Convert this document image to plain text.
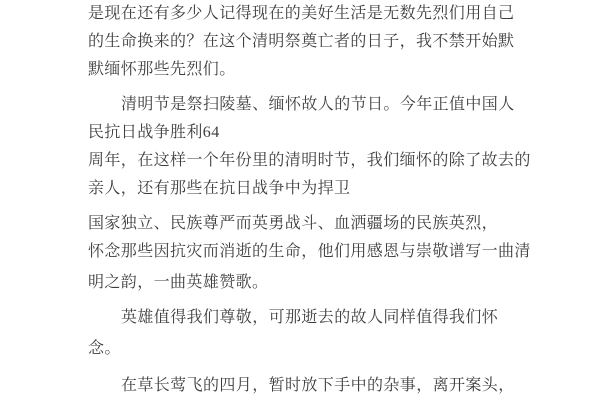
是现在还有多少人记得现在的美好生活是无数先烈们用自己
的生命换来的？在这个清明祭奠亡者的日子，我不禁开始默
默缅怀那些先烈们。
清明节是祭扫陵墓、缅怀故人的节日。今年正值中国人
民抗日战争胜利64
周年，在这样一个年份里的清明时节，我们缅怀的除了故去的
亲人，还有那些在抗日战争中为捍卫
国家独立、民族尊严而英勇战斗、血洒疆场的民族英烈，
怀念那些因抗灾而消逝的生命，他们用感恩与崇敬谱写一曲清
明之韵，一曲英雄赞歌。
英雄值得我们尊敬，可那逝去的故人同样值得我们怀
念。
在草长莺飞的四月，暂时放下手中的杂事，离开案头，
